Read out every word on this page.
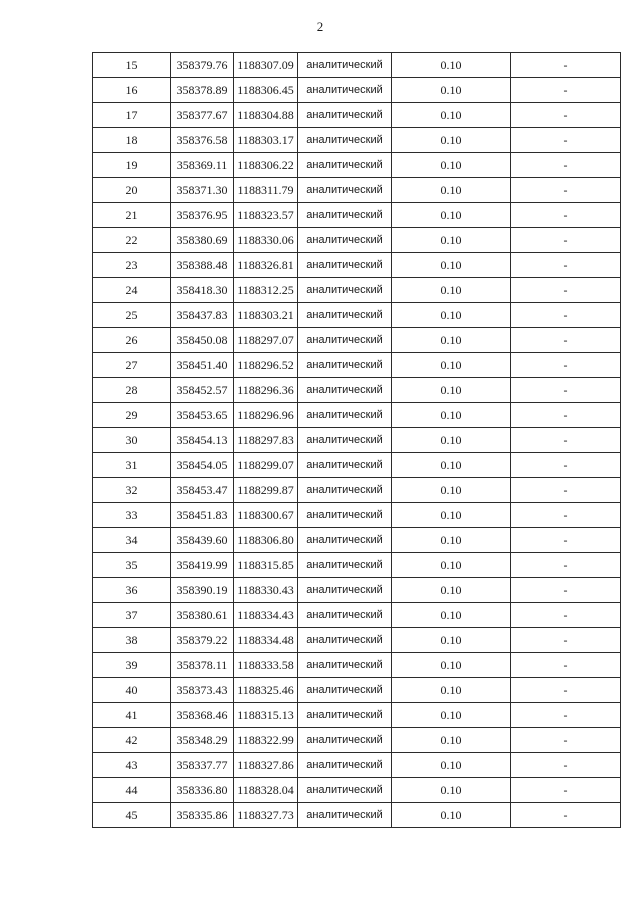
2
15	358379.76	1188307.09	аналитический	0.10	-
16	358378.89	1188306.45	аналитический	0.10	-
17	358377.67	1188304.88	аналитический	0.10	-
18	358376.58	1188303.17	аналитический	0.10	-
19	358369.11	1188306.22	аналитический	0.10	-
20	358371.30	1188311.79	аналитический	0.10	-
21	358376.95	1188323.57	аналитический	0.10	-
22	358380.69	1188330.06	аналитический	0.10	-
23	358388.48	1188326.81	аналитический	0.10	-
24	358418.30	1188312.25	аналитический	0.10	-
25	358437.83	1188303.21	аналитический	0.10	-
26	358450.08	1188297.07	аналитический	0.10	-
27	358451.40	1188296.52	аналитический	0.10	-
28	358452.57	1188296.36	аналитический	0.10	-
29	358453.65	1188296.96	аналитический	0.10	-
30	358454.13	1188297.83	аналитический	0.10	-
31	358454.05	1188299.07	аналитический	0.10	-
32	358453.47	1188299.87	аналитический	0.10	-
33	358451.83	1188300.67	аналитический	0.10	-
34	358439.60	1188306.80	аналитический	0.10	-
35	358419.99	1188315.85	аналитический	0.10	-
36	358390.19	1188330.43	аналитический	0.10	-
37	358380.61	1188334.43	аналитический	0.10	-
38	358379.22	1188334.48	аналитический	0.10	-
39	358378.11	1188333.58	аналитический	0.10	-
40	358373.43	1188325.46	аналитический	0.10	-
41	358368.46	1188315.13	аналитический	0.10	-
42	358348.29	1188322.99	аналитический	0.10	-
43	358337.77	1188327.86	аналитический	0.10	-
44	358336.80	1188328.04	аналитический	0.10	-
45	358335.86	1188327.73	аналитический	0.10	-
